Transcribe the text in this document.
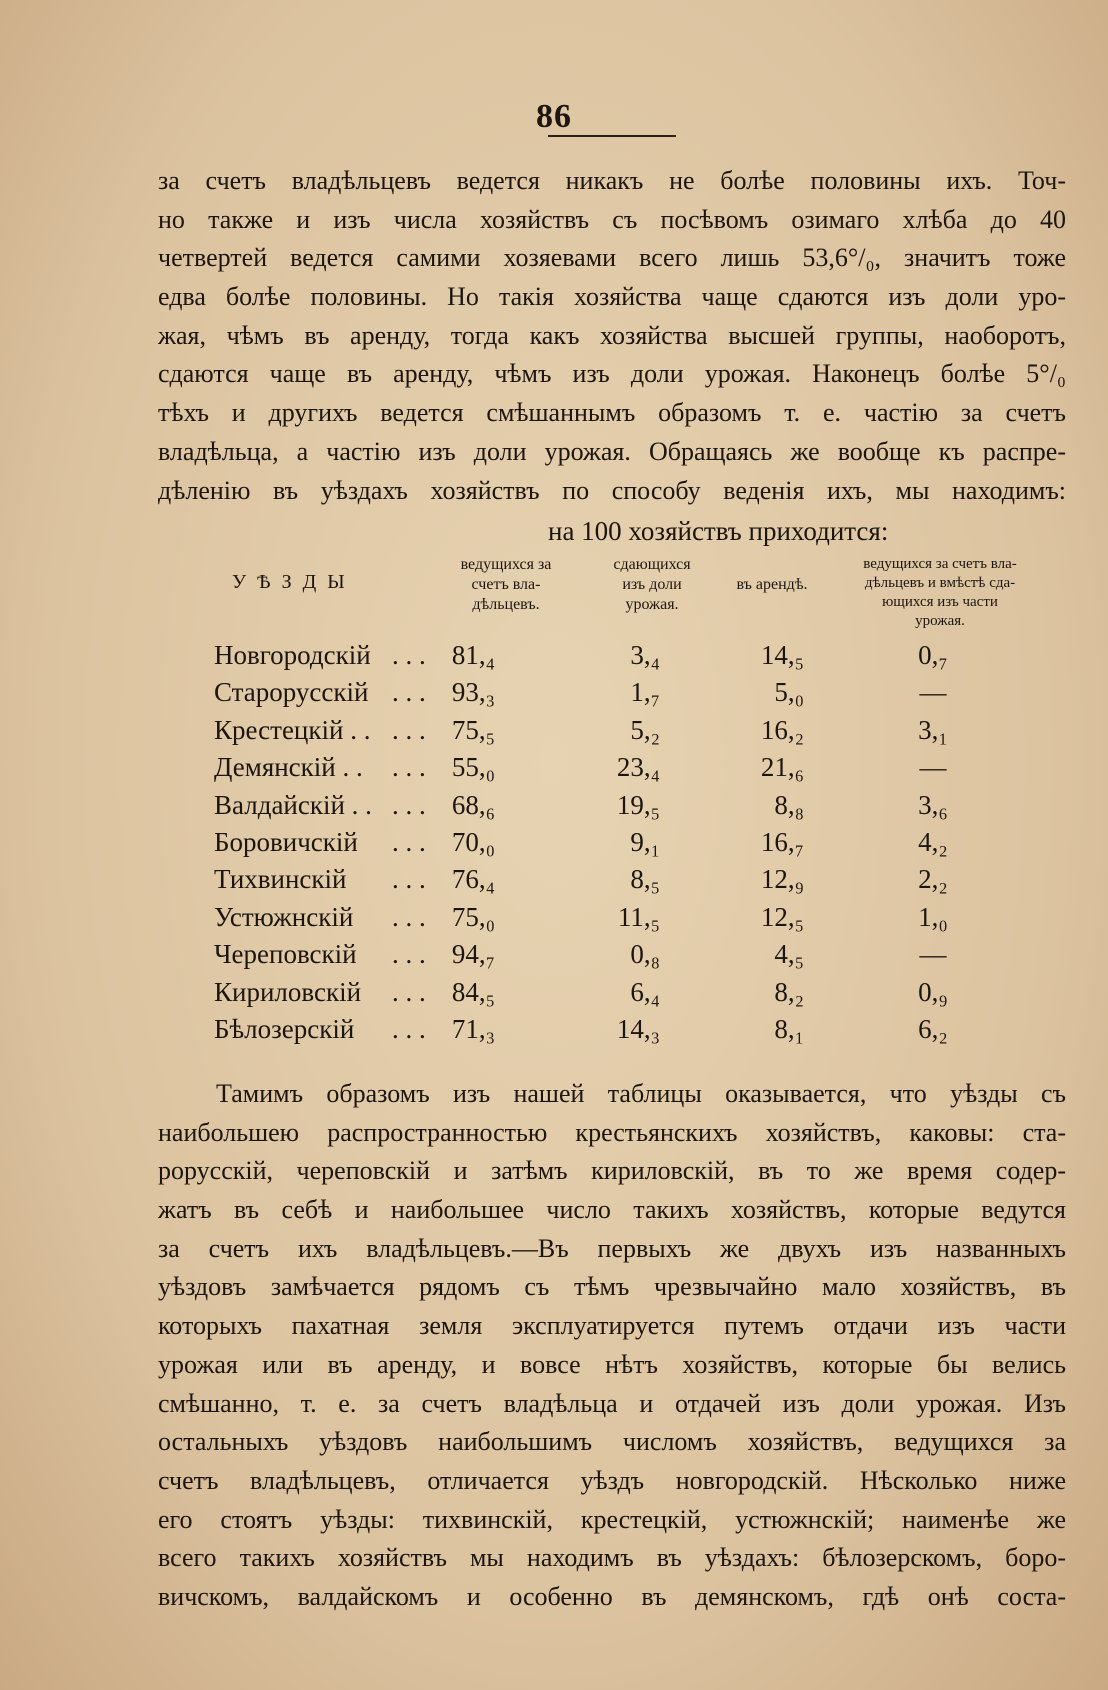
86
за счетъ владѣльцевъ ведется никакъ не болѣе половины ихъ. Точ-
но также и изъ числа хозяйствъ съ посѣвомъ озимаго хлѣба до 40
четвертей ведется самими хозяевами всего лишь 53,6°/₀, значитъ тоже
едва болѣе половины. Но такія хозяйства чаще сдаются изъ доли уро-
жая, чѣмъ въ аренду, тогда какъ хозяйства высшей группы, наоборотъ,
сдаются чаще въ аренду, чѣмъ изъ доли урожая. Наконецъ болѣе 5°/₀
тѣхъ и другихъ ведется смѣшаннымъ образомъ т. е. частію за счетъ
владѣльца, а частію изъ доли урожая. Обращаясь же вообще къ распре-
дѣленію въ уѣздахъ хозяйствъ по способу веденія ихъ, мы находимъ:
на 100 хозяйствъ приходится:
У Ѣ З Д Ы
ведущихся за
счетъ вла-
дѣльцевъ.
сдающихся
изъ доли
урожая.
въ арендѣ.
ведущихся за счетъ вла-
дѣльцевъ и вмѣстѣ сда-
ющихся изъ части
урожая.
Новгородскій . . . 81,₄	3,₄	14,₅	0,₇
Старорусскій . . . 93,₃	1,₇	5,₀	—
Крестецкій . . . . . 75,₅	5,₂	16,₂	3,₁
Демянскій . . . . . 55,₀	23,₄	21,₆	—
Валдайскій . . . . . 68,₆	19,₅	8,₈	3,₆
Боровичскій . . . 70,₀	9,₁	16,₇	4,₂
Тихвинскій . . . 76,₄	8,₅	12,₉	2,₂
Устюжнскій . . . 75,₀	11,₅	12,₅	1,₀
Череповскій . . . 94,₇	0,₈	4,₅	—
Кириловскій . . . 84,₅	6,₄	8,₂	0,₉
Бѣлозерскій . . . 71,₃	14,₃	8,₁	6,₂
Тамимъ образомъ изъ нашей таблицы оказывается, что уѣзды съ
наибольшею распространностью крестьянскихъ хозяйствъ, каковы: ста-
рорусскій, череповскій и затѣмъ кириловскій, въ то же время содер-
жатъ въ себѣ и наибольшее число такихъ хозяйствъ, которые ведутся
за счетъ ихъ владѣльцевъ.—Въ первыхъ же двухъ изъ названныхъ
уѣздовъ замѣчается рядомъ съ тѣмъ чрезвычайно мало хозяйствъ, въ
которыхъ пахатная земля эксплуатируется путемъ отдачи изъ части
урожая или въ аренду, и вовсе нѣтъ хозяйствъ, которые бы велись
смѣшанно, т. е. за счетъ владѣльца и отдачей изъ доли урожая. Изъ
остальныхъ уѣздовъ наибольшимъ числомъ хозяйствъ, ведущихся за
счетъ владѣльцевъ, отличается уѣздъ новгородскій. Нѣсколько ниже
его стоятъ уѣзды: тихвинскій, крестецкій, устюжнскій; наименѣе же
всего такихъ хозяйствъ мы находимъ въ уѣздахъ: бѣлозерскомъ, боро-
вичскомъ, валдайскомъ и особенно въ демянскомъ, гдѣ онѣ соста-
